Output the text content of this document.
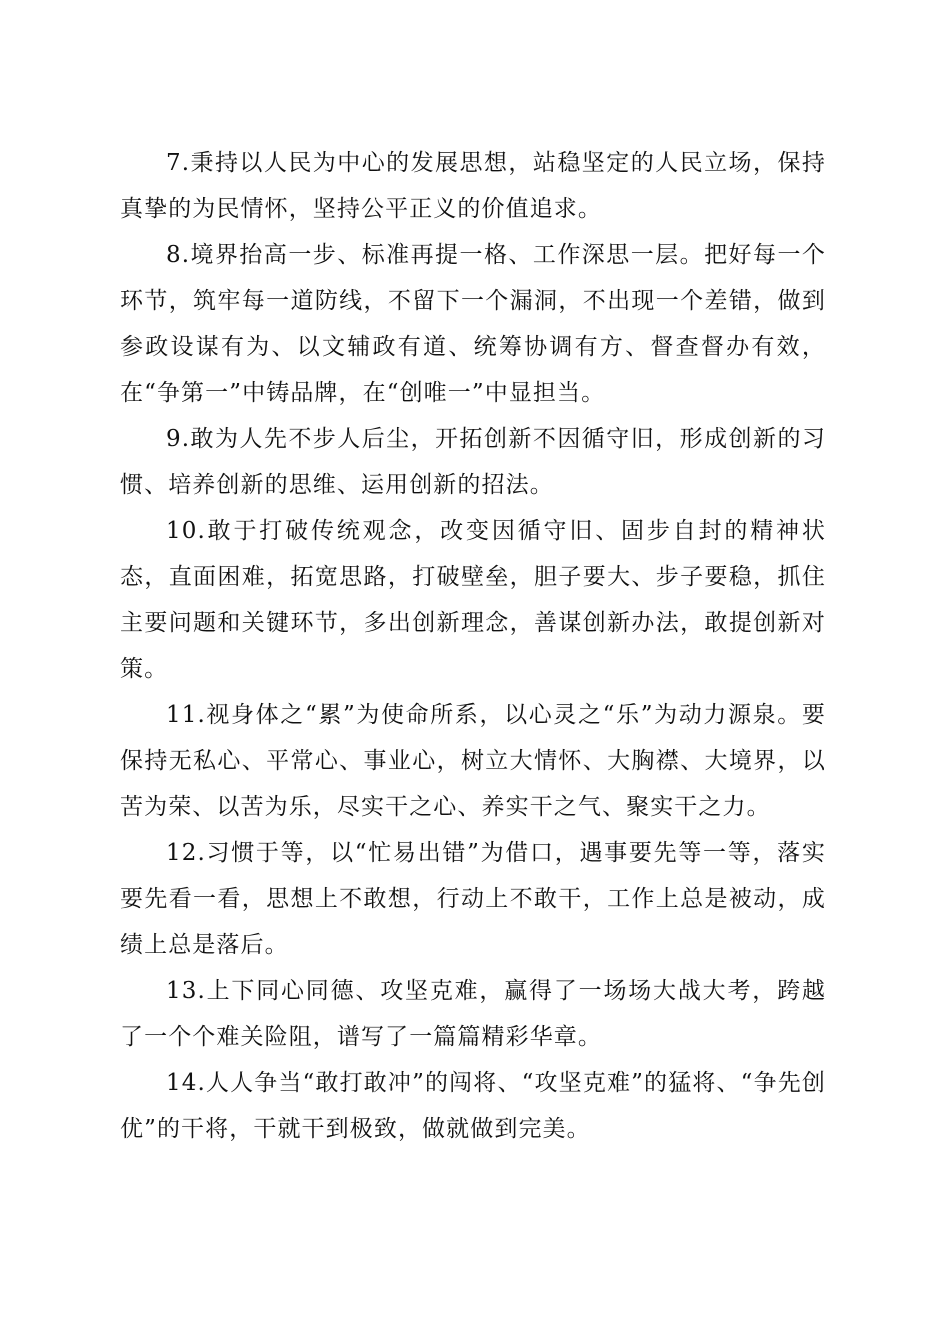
7.秉持以人民为中心的发展思想，站稳坚定的人民立场，保持真挚的为民情怀，坚持公平正义的价值追求。

8.境界抬高一步、标准再提一格、工作深思一层。把好每一个环节，筑牢每一道防线，不留下一个漏洞，不出现一个差错，做到参政设谋有为、以文辅政有道、统筹协调有方、督查督办有效，在“争第一”中铸品牌，在“创唯一”中显担当。

9.敢为人先不步人后尘，开拓创新不因循守旧，形成创新的习惯、培养创新的思维、运用创新的招法。

10.敢于打破传统观念，改变因循守旧、固步自封的精神状态，直面困难，拓宽思路，打破壁垒，胆子要大、步子要稳，抓住主要问题和关键环节，多出创新理念，善谋创新办法，敢提创新对策。

11.视身体之“累”为使命所系，以心灵之“乐”为动力源泉。要保持无私心、平常心、事业心，树立大情怀、大胸襟、大境界，以苦为荣、以苦为乐，尽实干之心、养实干之气、聚实干之力。

12.习惯于等，以“忙易出错”为借口，遇事要先等一等，落实要先看一看，思想上不敢想，行动上不敢干，工作上总是被动，成绩上总是落后。

13.上下同心同德、攻坚克难，赢得了一场场大战大考，跨越了一个个难关险阻，谱写了一篇篇精彩华章。

14.人人争当“敢打敢冲”的闯将、“攻坚克难”的猛将、“争先创优”的干将，干就干到极致，做就做到完美。
